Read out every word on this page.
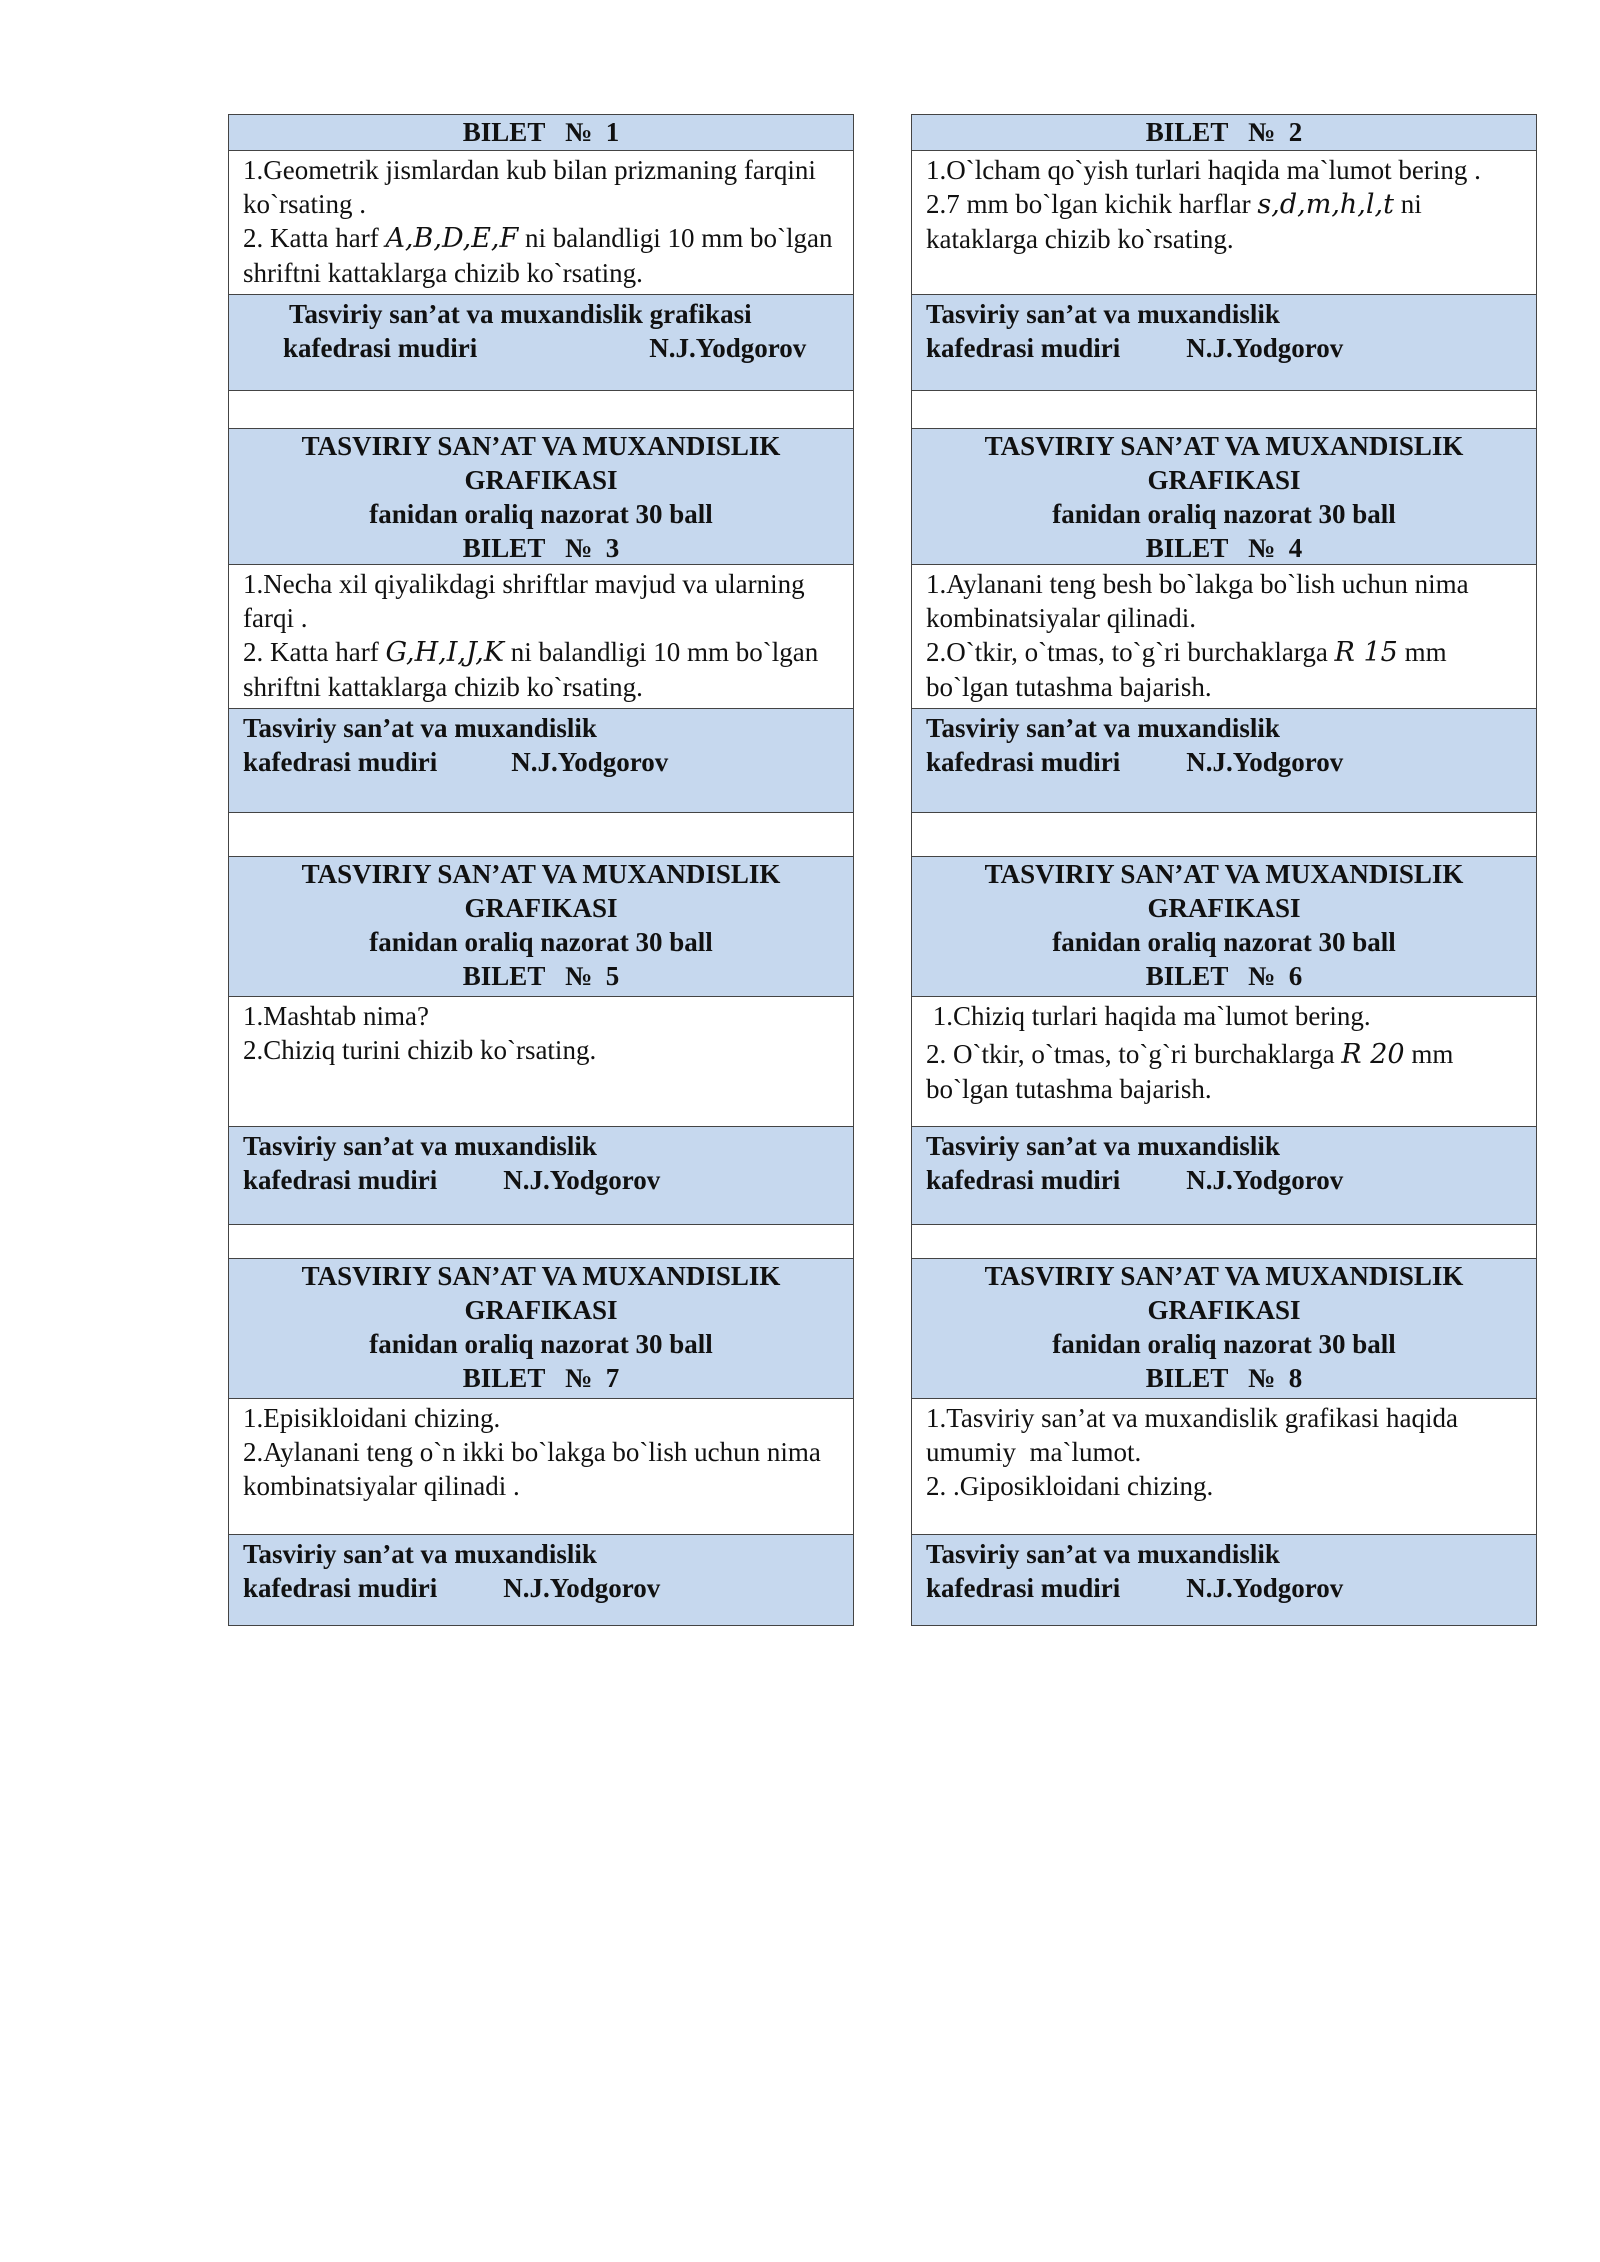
BILET   №  1
1.Geometrik jismlardan kub bilan prizmaning farqini ko`rsating .
2. Katta harf A,B,D,E,F ni balandligi 10 mm bo`lgan shriftni kattaklarga chizib ko`rsating.
Tasviriy san’at va muxandislik grafikasi
kafedrasi mudiri	N.J.Yodgorov
BILET   №  2
1.O`lcham qo`yish turlari haqida ma`lumot bering .
2.7 mm bo`lgan kichik harflar s,d,m,h,l,t ni kataklarga chizib ko`rsating.
Tasviriy san’at va muxandislik
kafedrasi mudiri N.J.Yodgorov
TASVIRIY SAN’AT VA MUXANDISLIK
GRAFIKASI
fanidan oraliq nazorat 30 ball
BILET   №  3
1.Necha xil qiyalikdagi shriftlar mavjud va ularning farqi .
2. Katta harf G,H,I,J,K ni balandligi 10 mm bo`lgan shriftni kattaklarga chizib ko`rsating.
Tasviriy san’at va muxandislik
kafedrasi mudiri	N.J.Yodgorov
TASVIRIY SAN’AT VA MUXANDISLIK
GRAFIKASI
fanidan oraliq nazorat 30 ball
BILET   №  4
1.Aylanani teng besh bo`lakga bo`lish uchun nima kombinatsiyalar qilinadi.
2.O`tkir, o`tmas, to`g`ri burchaklarga R 15 mm bo`lgan tutashma bajarish.
Tasviriy san’at va muxandislik
kafedrasi mudiri N.J.Yodgorov
TASVIRIY SAN’AT VA MUXANDISLIK
GRAFIKASI
fanidan oraliq nazorat 30 ball
BILET   №  5
1.Mashtab nima?
2.Chiziq turini chizib ko`rsating.
Tasviriy san’at va muxandislik
kafedrasi mudiri N.J.Yodgorov
TASVIRIY SAN’AT VA MUXANDISLIK
GRAFIKASI
fanidan oraliq nazorat 30 ball
BILET   №  6
1.Chiziq turlari haqida ma`lumot bering.
2. O`tkir, o`tmas, to`g`ri burchaklarga R 20 mm bo`lgan tutashma bajarish.
Tasviriy san’at va muxandislik
kafedrasi mudiri N.J.Yodgorov
TASVIRIY SAN’AT VA MUXANDISLIK
GRAFIKASI
fanidan oraliq nazorat 30 ball
BILET   №  7
1.Episikloidani chizing.
2.Aylanani teng o`n ikki bo`lakga bo`lish uchun nima kombinatsiyalar qilinadi .
Tasviriy san’at va muxandislik
kafedrasi mudiri N.J.Yodgorov
TASVIRIY SAN’AT VA MUXANDISLIK
GRAFIKASI
fanidan oraliq nazorat 30 ball
BILET   №  8
1.Tasviriy san’at va muxandislik grafikasi haqida umumiy  ma`lumot.
2. .Giposikloidani chizing.
Tasviriy san’at va muxandislik
kafedrasi mudiri N.J.Yodgorov
